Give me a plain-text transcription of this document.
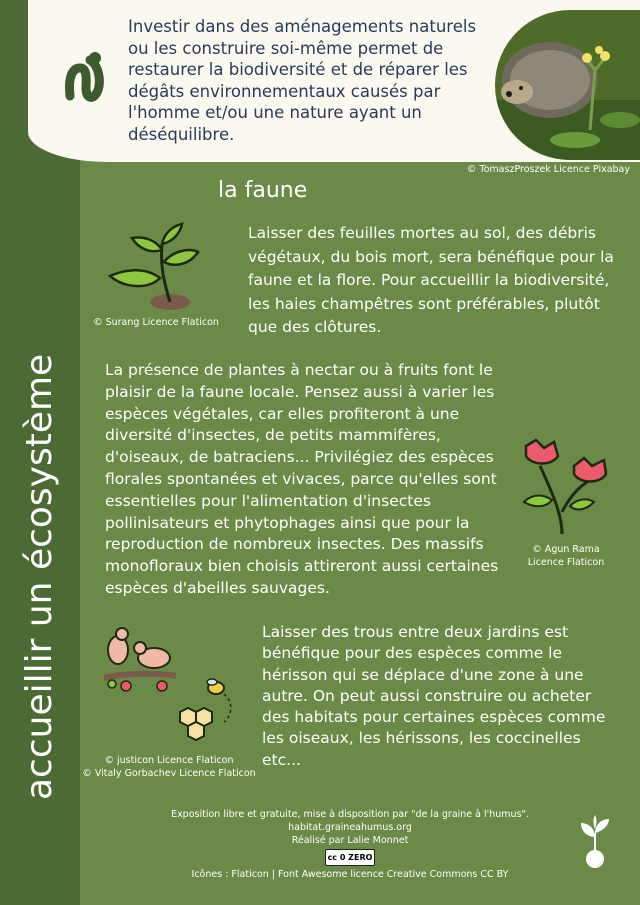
accueillir un écosystème
Investir dans des aménagements naturels ou les construire soi-même permet de restaurer la biodiversité et de réparer les dégâts environnementaux causés par l'homme et/ou une nature ayant un déséquilibre.
© TomaszProszek Licence Pixabay
la faune
© Surang Licence Flaticon
Laisser des feuilles mortes au sol, des débris végétaux, du bois mort, sera bénéfique pour la faune et la flore. Pour accueillir la biodiversité, les haies champêtres sont préférables, plutôt que des clôtures.
La présence de plantes à nectar ou à fruits font le plaisir de la faune locale. Pensez aussi à varier les espèces végétales, car elles profiteront à une diversité d'insectes, de petits mammifères, d'oiseaux, de batraciens... Privilégiez des espèces florales spontanées et vivaces, parce qu'elles sont essentielles pour l'alimentation d'insectes pollinisateurs et phytophages ainsi que pour la reproduction de nombreux insectes. Des massifs monofloraux bien choisis attireront aussi certaines espèces d'abeilles sauvages.
© Agun Rama
Licence Flaticon
© justicon Licence Flaticon
© Vitaly Gorbachev Licence Flaticon
Laisser des trous entre deux jardins est bénéfique pour des espèces comme le hérisson qui se déplace d'une zone à une autre. On peut aussi construire ou acheter des habitats pour certaines espèces comme les oiseaux, les hérissons, les coccinelles etc...
Exposition libre et gratuite, mise à disposition par "de la graine à l'humus".
habitat.graineahumus.org
Réalisé par Lalie Monnet
cc 0 ZERO
Icônes : Flaticon | Font Awesome licence Creative Commons CC BY
